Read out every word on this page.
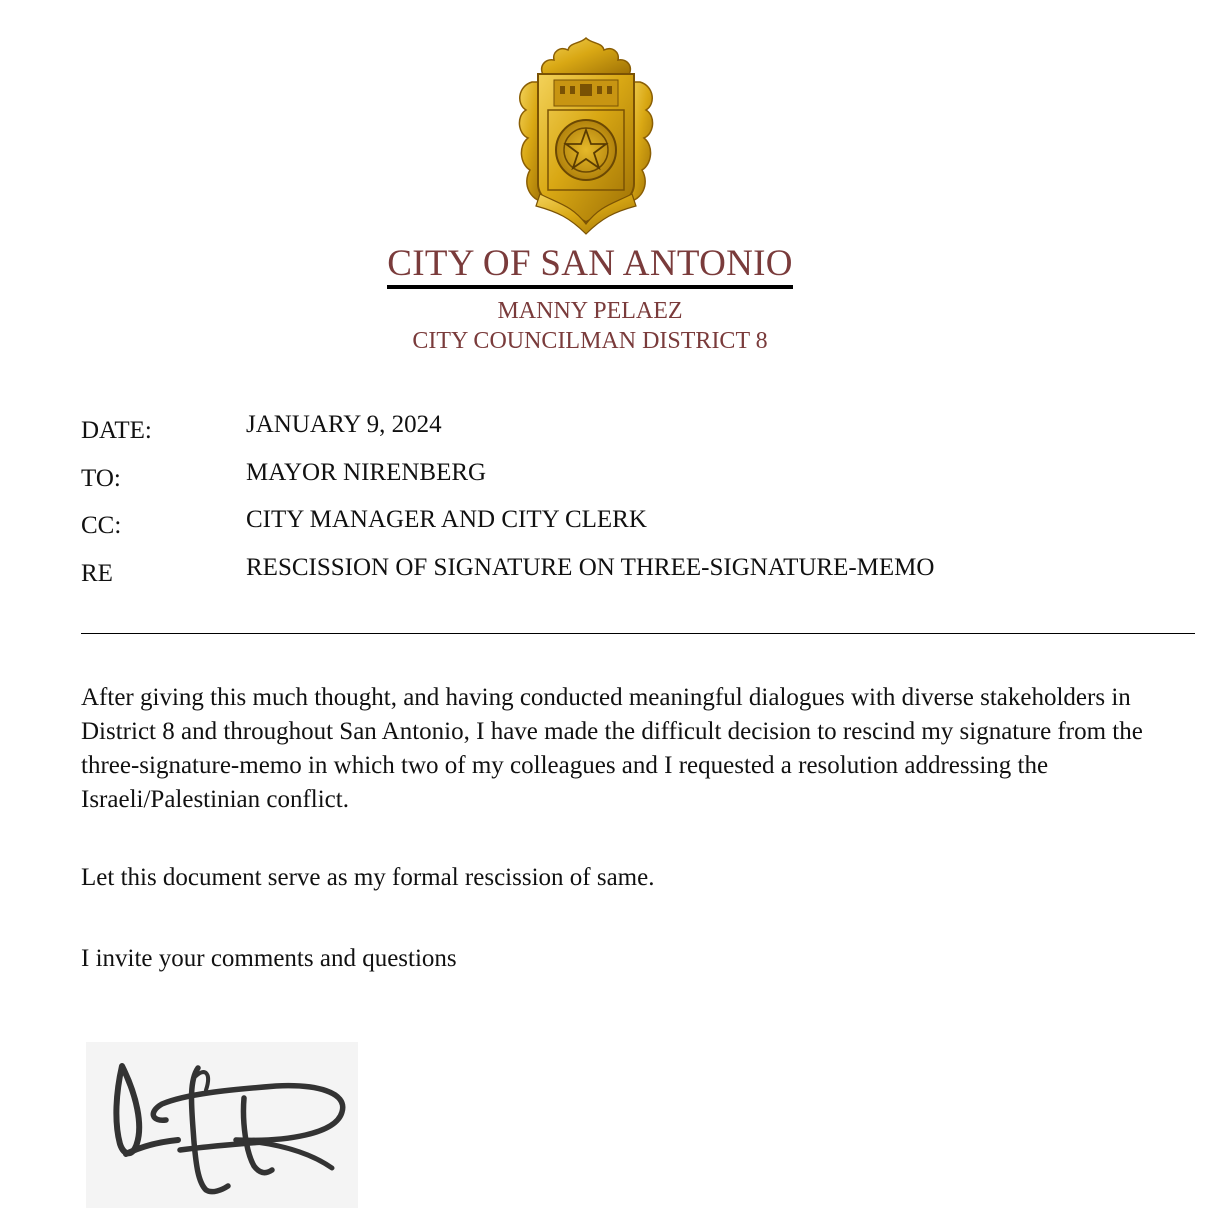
CITY OF SAN ANTONIO
MANNY PELAEZ
CITY COUNCILMAN DISTRICT 8
DATE:	JANUARY 9, 2024
TO:	MAYOR NIRENBERG
CC:	CITY MANAGER AND CITY CLERK
RE	RESCISSION OF SIGNATURE ON THREE-SIGNATURE-MEMO

After giving this much thought, and having conducted meaningful dialogues with diverse stakeholders in District 8 and throughout San Antonio, I have made the difficult decision to rescind my signature from the three-signature-memo in which two of my colleagues and I requested a resolution addressing the Israeli/Palestinian conflict.

Let this document serve as my formal rescission of same.

I invite your comments and questions
